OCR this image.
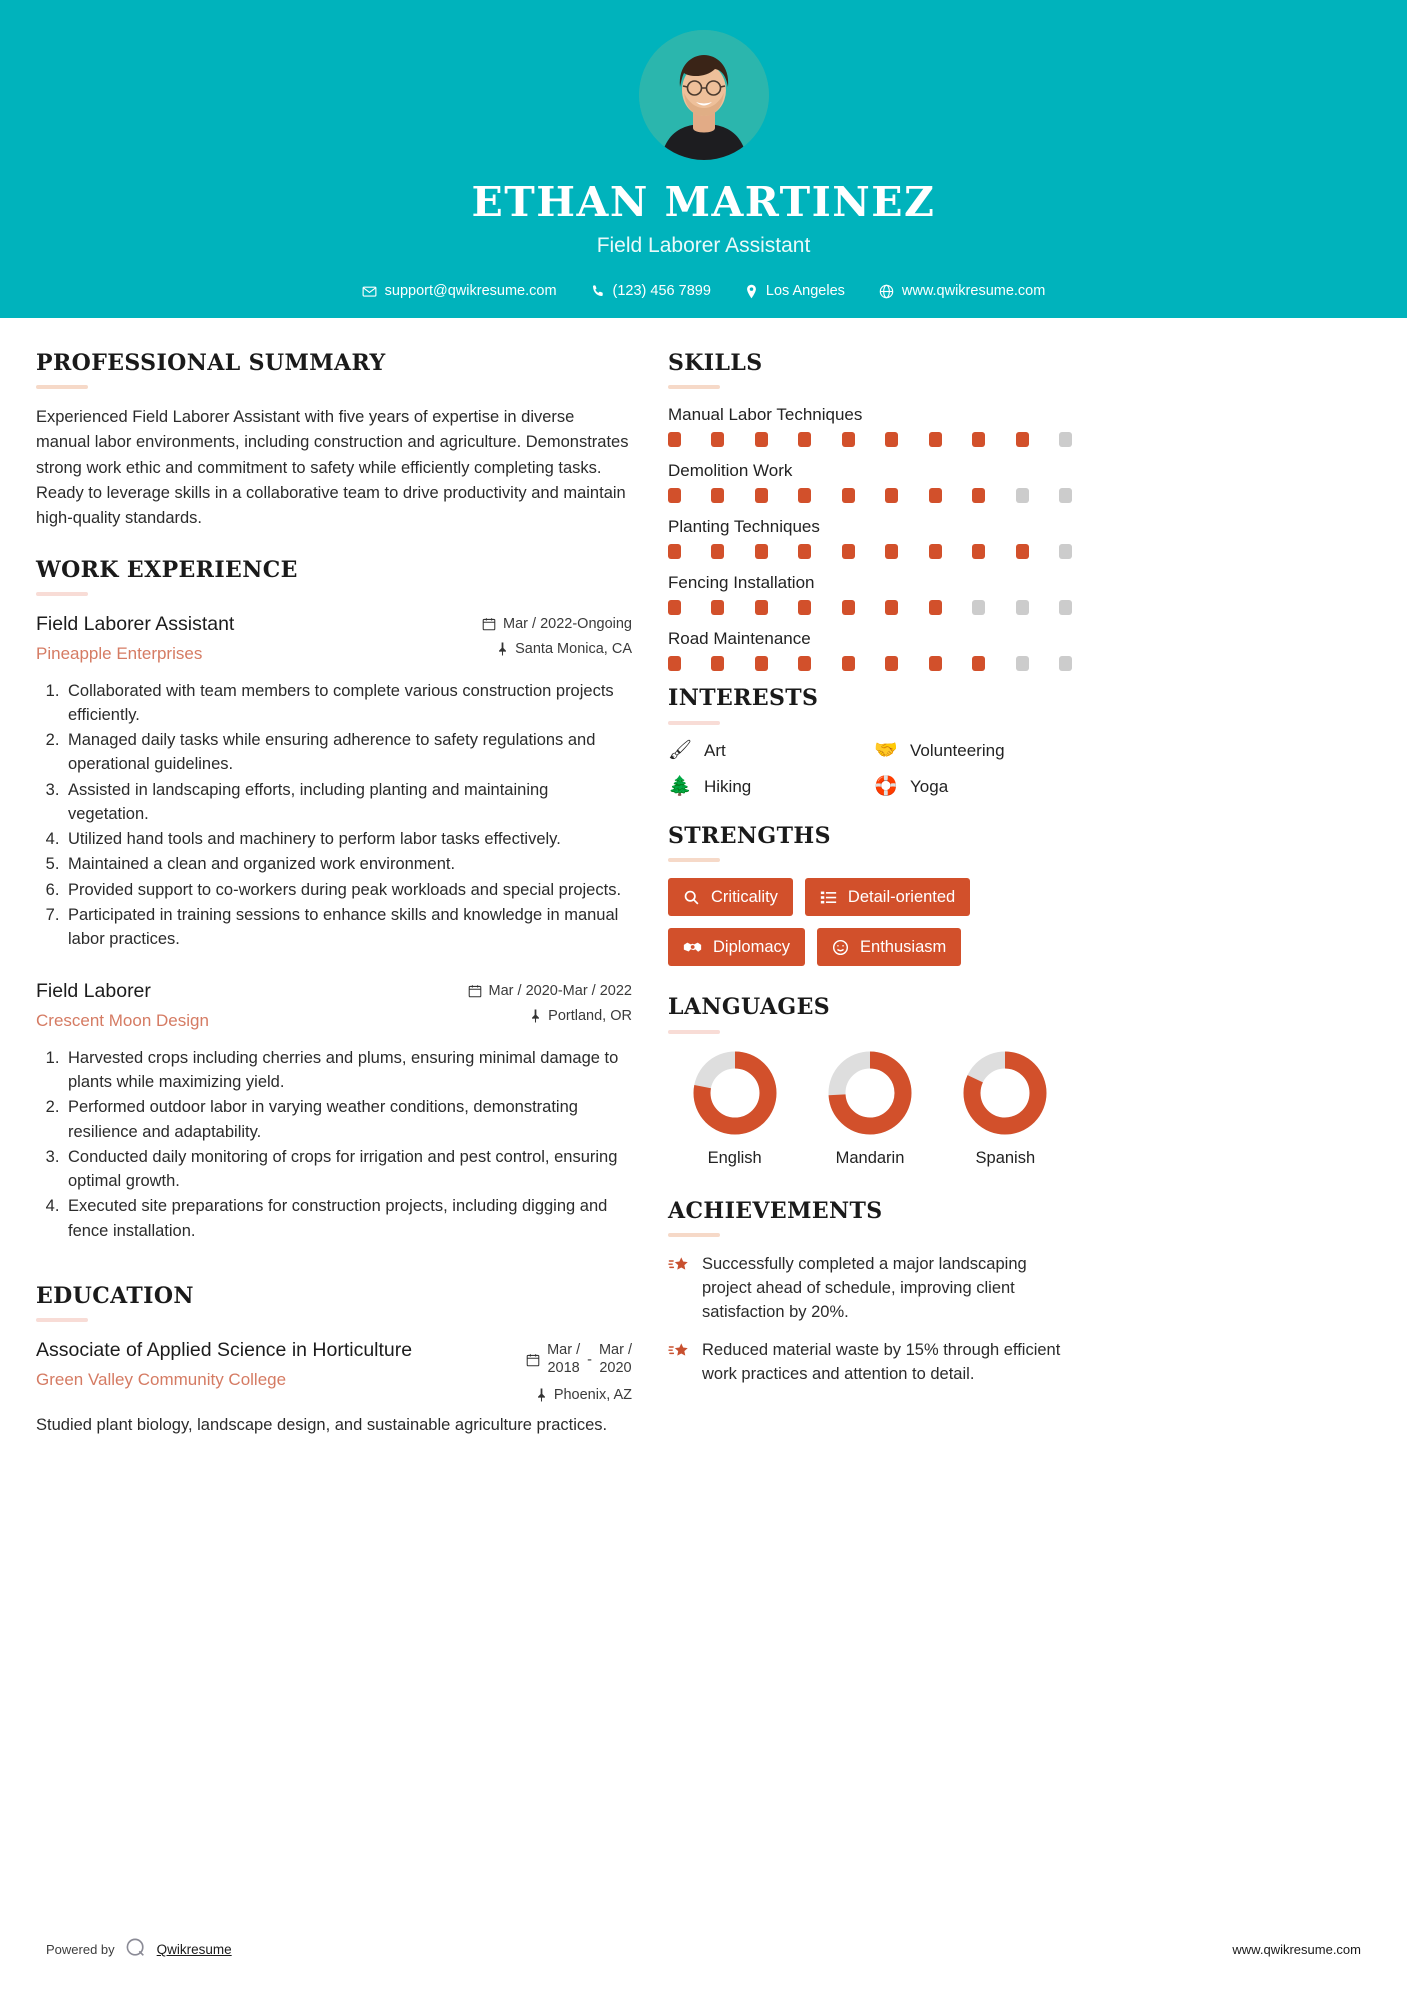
ETHAN MARTINEZ
Field Laborer Assistant
support@qwikresume.com	(123) 456 7899	Los Angeles	www.qwikresume.com
PROFESSIONAL SUMMARY

Experienced Field Laborer Assistant with five years of expertise in diverse manual labor environments, including construction and agriculture. Demonstrates strong work ethic and commitment to safety while efficiently completing tasks. Ready to leverage skills in a collaborative team to drive productivity and maintain high-quality standards.

WORK EXPERIENCE
Field Laborer Assistant
Pineapple Enterprises
Mar / 2022-Ongoing
Santa Monica, CA
1. Collaborated with team members to complete various construction projects efficiently.
2. Managed daily tasks while ensuring adherence to safety regulations and operational guidelines.
3. Assisted in landscaping efforts, including planting and maintaining vegetation.
4. Utilized hand tools and machinery to perform labor tasks effectively.
5. Maintained a clean and organized work environment.
6. Provided support to co-workers during peak workloads and special projects.
7. Participated in training sessions to enhance skills and knowledge in manual labor practices.
Field Laborer
Crescent Moon Design
Mar / 2020-Mar / 2022
Portland, OR
1. Harvested crops including cherries and plums, ensuring minimal damage to plants while maximizing yield.
2. Performed outdoor labor in varying weather conditions, demonstrating resilience and adaptability.
3. Conducted daily monitoring of crops for irrigation and pest control, ensuring optimal growth.
4. Executed site preparations for construction projects, including digging and fence installation.
EDUCATION
Associate of Applied Science in Horticulture
Green Valley Community College
Mar /
2018 -
Mar /
2020
Phoenix, AZ

Studied plant biology, landscape design, and sustainable agriculture practices.

SKILLS
Manual Labor Techniques
Demolition Work
Planting Techniques
Fencing Installation
Road Maintenance
INTERESTS
🖌 Art	🤝 Volunteering
🌲 Hiking	🛟 Yoga
STRENGTHS
Criticality	Detail-oriented
Diplomacy	Enthusiasm
LANGUAGES
English	Mandarin	Spanish
ACHIEVEMENTS
Successfully completed a major landscaping project ahead of schedule, improving client satisfaction by 20%.
Reduced material waste by 15% through efficient work practices and attention to detail.
Powered by	Qwikresume	www.qwikresume.com
